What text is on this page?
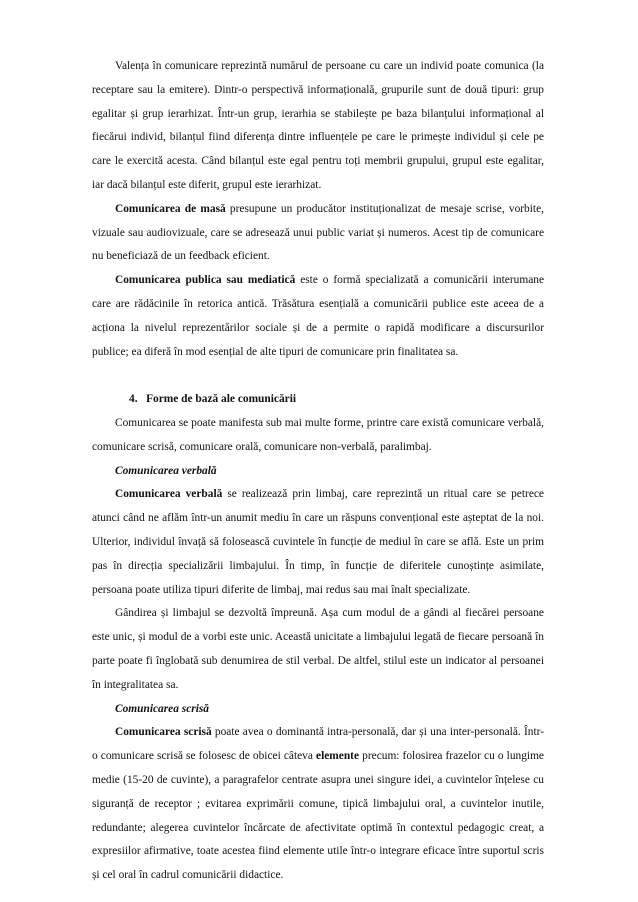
Valența în comunicare reprezintă numărul de persoane cu care un individ poate comunica (la receptare sau la emitere). Dintr-o perspectivă informațională, grupurile sunt de două tipuri: grup egalitar și grup ierarhizat. Într-un grup, ierarhia se stabilește pe baza bilanțului informațional al fiecărui individ, bilanțul fiind diferența dintre influențele pe care le primește individul și cele pe care le exercită acesta. Când bilanțul este egal pentru toți membrii grupului, grupul este egalitar, iar dacă bilanțul este diferit, grupul este ierarhizat.

Comunicarea de masă presupune un producător instituționalizat de mesaje scrise, vorbite, vizuale sau audiovizuale, care se adresează unui public variat și numeros. Acest tip de comunicare nu beneficiază de un feedback eficient.

Comunicarea publica sau mediatică este o formă specializată a comunicării interumane care are rădăcinile în retorica antică. Trăsătura esențială a comunicării publice este aceea de a acționa la nivelul reprezentărilor sociale și de a permite o rapidă modificare a discursurilor publice; ea diferă în mod esențial de alte tipuri de comunicare prin finalitatea sa.

4.   Forme de bază ale comunicării

Comunicarea se poate manifesta sub mai multe forme, printre care există comunicare verbală, comunicare scrisă, comunicare orală, comunicare non-verbală, paralimbaj.

Comunicarea verbală

Comunicarea verbală se realizează prin limbaj, care reprezintă un ritual care se petrece atunci când ne aflăm într-un anumit mediu în care un răspuns convențional este așteptat de la noi. Ulterior, individul învață să folosească cuvintele în funcție de mediul în care se află. Este un prim pas în direcția specializării limbajului. În timp, în funcție de diferitele cunoștințe asimilate, persoana poate utiliza tipuri diferite de limbaj, mai redus sau mai înalt specializate.

Gândirea și limbajul se dezvoltă împreună. Așa cum modul de a gândi al fiecărei persoane este unic, și modul de a vorbi este unic. Această unicitate a limbajului legată de fiecare persoană în parte poate fi înglobată sub denumirea de stil verbal. De altfel, stilul este un indicator al persoanei în integralitatea sa.

Comunicarea scrisă

Comunicarea scrisă poate avea o dominantă intra-personală, dar și una inter-personală. Într-o comunicare scrisă se folosesc de obicei câteva elemente precum: folosirea frazelor cu o lungime medie (15-20 de cuvinte), a paragrafelor centrate asupra unei singure idei, a cuvintelor înțelese cu siguranță de receptor ; evitarea exprimării comune, tipică limbajului oral, a cuvintelor inutile, redundante; alegerea cuvintelor încărcate de afectivitate optimă în contextul pedagogic creat, a expresiilor afirmative, toate acestea fiind elemente utile într-o integrare eficace între suportul scris și cel oral în cadrul comunicării didactice.
